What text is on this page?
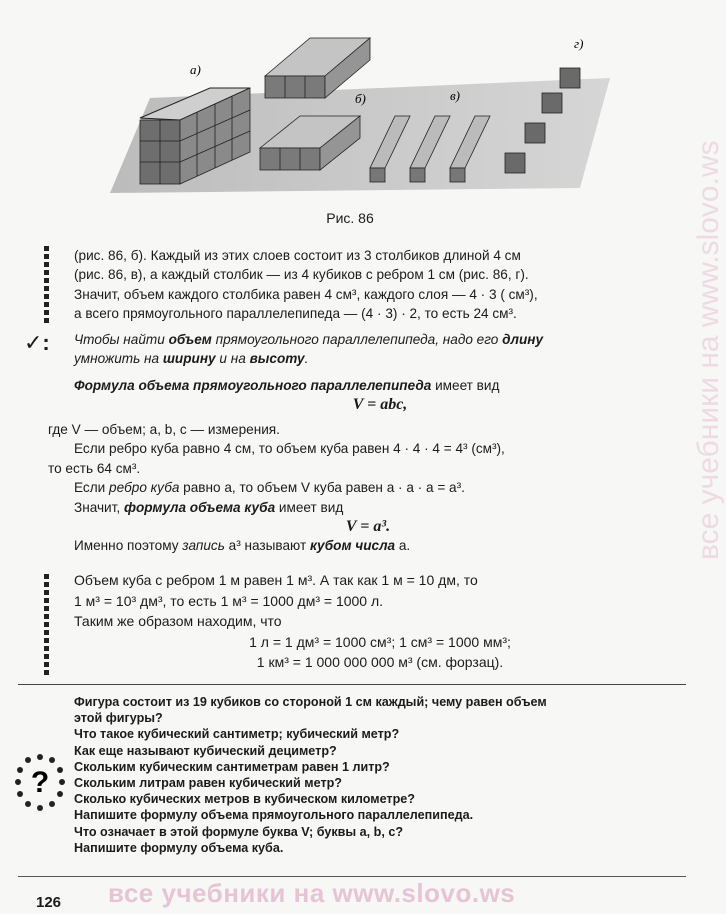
а)
б)	в)
г)
Рис. 86
✓:

(рис. 86, б). Каждый из этих слоев состоит из 3 столбиков длиной 4 см

(рис. 86, в), а каждый столбик — из 4 кубиков с ребром 1 см (рис. 86, г).

Значит, объем каждого столбика равен 4 см³, каждого слоя — 4 · 3 ( см³),

а всего прямоугольного параллелепипеда — (4 · 3) · 2, то есть 24 см³.

Чтобы найти объем прямоугольного параллелепипеда, надо его длину

умножить на ширину и на высоту.

Формула объема прямоугольного параллелепипеда имеет вид

V = abc,

где V — объем; a, b, c — измерения.

Если ребро куба равно 4 см, то объем куба равен 4 · 4 · 4 = 4³ (см³),

то есть 64 см³.

Если ребро куба равно a, то объем V куба равен a · a · a = a³.

Значит, формула объема куба имеет вид

V = a³.

Именно поэтому запись a³ называют кубом числа a.

Объем куба с ребром 1 м равен 1 м³. А так как 1 м = 10 дм, то

1 м³ = 10³ дм³, то есть 1 м³ = 1000 дм³ = 1000 л.

Таким же образом находим, что

1 л = 1 дм³ = 1000 см³; 1 см³ = 1000 мм³;

1 км³ = 1 000 000 000 м³ (см. форзац).

?
Фигура состоит из 19 кубиков со стороной 1 см каждый; чему равен объем
этой фигуры?
Что такое кубический сантиметр; кубический метр?
Как еще называют кубический дециметр?
Скольким кубическим сантиметрам равен 1 литр?
Скольким литрам равен кубический метр?
Сколько кубических метров в кубическом километре?
Напишите формулу объема прямоугольного параллелепипеда.
Что означает в этой формуле буква V; буквы a, b, c?
Напишите формулу объема куба.
126 все учебники на www.slovo.ws
все учебники на www.slovo.ws
